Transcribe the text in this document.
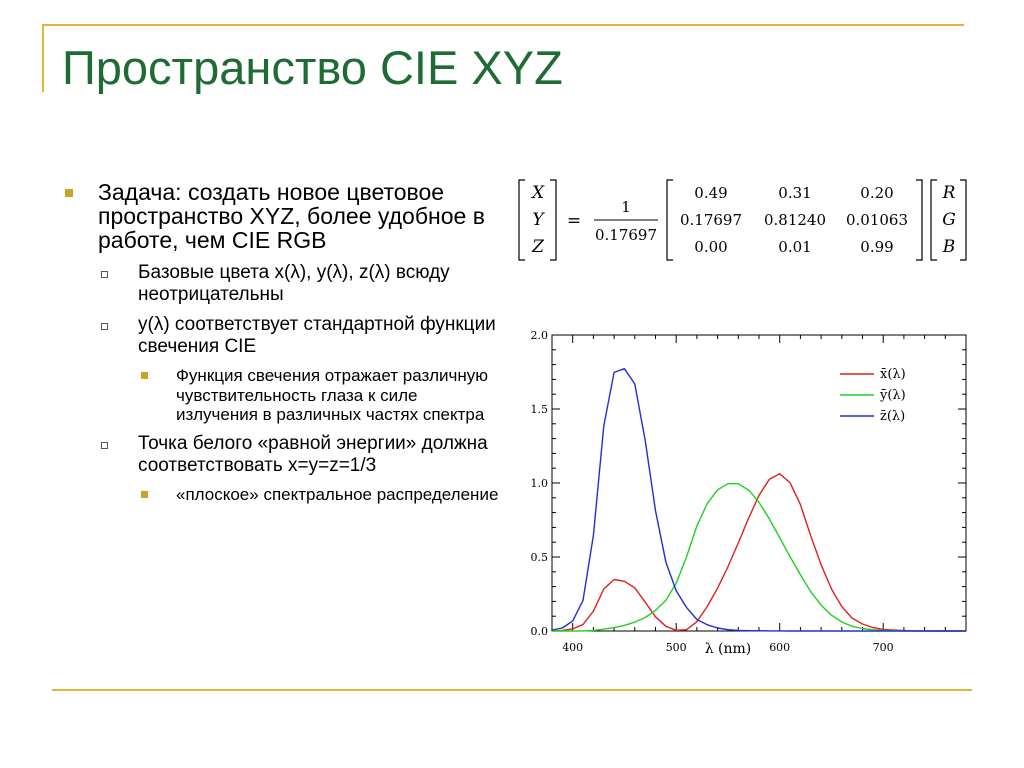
Пространство CIE XYZ
Задача: создать новое цветовое пространство XYZ, более удобное в работе, чем CIE RGB
Базовые цвета x(λ), y(λ), z(λ) всюду неотрицательны
y(λ) соответствует стандартной функции свечения CIE
Функция свечения отражает различную чувствительность глаза к силе излучения в различных частях спектра
Точка белого «равной энергии» должна соответствовать x=y=z=1/3
«плоское» спектральное распределение
X
Y
Z
=
1
0.17697
0.49	0.31	0.20
0.17697 0.81240 0.01063
0.00	0.01	0.99
R
G
B
400	500	600	700
0.0
0.5
1.0
1.5
2.0
x̄(λ)
ȳ(λ)
z̄(λ)
λ (nm)
